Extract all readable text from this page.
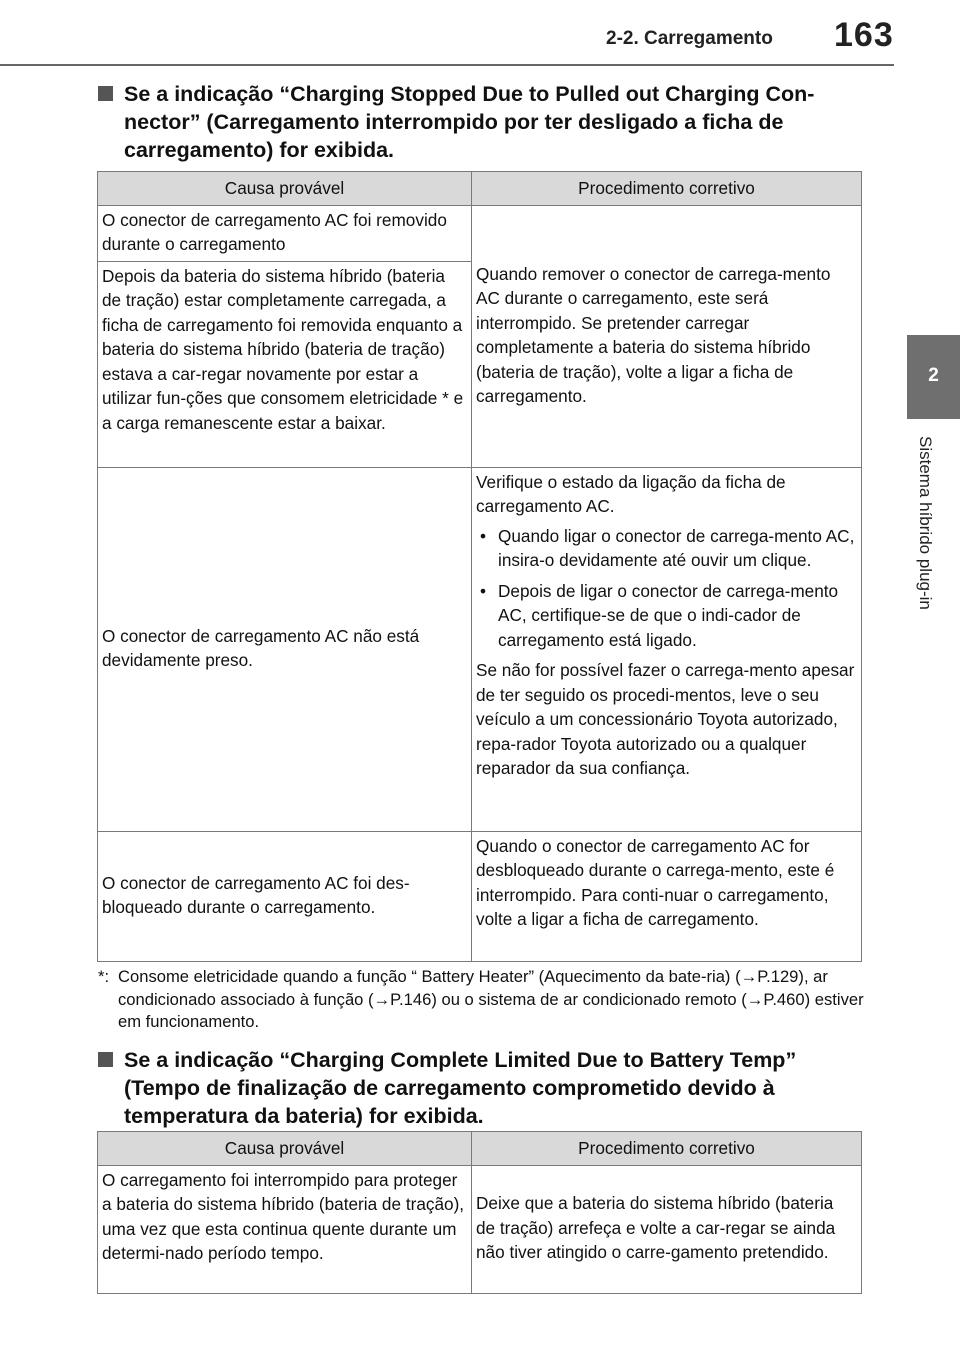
2-2. Carregamento 163
2
Sistema híbrido plug-in
Se a indicação “Charging Stopped Due to Pulled out Charging Con-nector” (Carregamento interrompido por ter desligado a ficha de carregamento) for exibida.
Causa provável	Procedimento corretivo
O conector de carregamento AC foi removido durante o carregamento	Quando remover o conector de carrega-mento AC durante o carregamento, este será interrompido. Se pretender carregar completamente a bateria do sistema híbrido (bateria de tração), volte a ligar a ficha de carregamento.
Depois da bateria do sistema híbrido (bateria de tração) estar completamente carregada, a ficha de carregamento foi removida enquanto a bateria do sistema híbrido (bateria de tração) estava a car-regar novamente por estar a utilizar fun-ções que consomem eletricidade * e a carga remanescente estar a baixar.	
O conector de carregamento AC não está devidamente preso.	Verifique o estado da ligação da ficha de carregamento AC.

• Quando ligar o conector de carrega-mento AC, insira-o devidamente até ouvir um clique.
• Depois de ligar o conector de carrega-mento AC, certifique-se de que o indi-cador de carregamento está ligado.

Se não for possível fazer o carrega-mento apesar de ter seguido os procedi-mentos, leve o seu veículo a um concessionário Toyota autorizado, repa-rador Toyota autorizado ou a qualquer reparador da sua confiança.

O conector de carregamento AC foi des-bloqueado durante o carregamento.	Quando o conector de carregamento AC for desbloqueado durante o carrega-mento, este é interrompido. Para conti-nuar o carregamento, volte a ligar a ficha de carregamento.
*: Consome eletricidade quando a função “ Battery Heater” (Aquecimento da bate-ria) (→P.129), ar condicionado associado à função (→P.146) ou o sistema de ar condicionado remoto (→P.460) estiver em funcionamento.
Se a indicação “Charging Complete Limited Due to Battery Temp” (Tempo de finalização de carregamento comprometido devido à temperatura da bateria) for exibida.
Causa provável	Procedimento corretivo
O carregamento foi interrompido para proteger a bateria do sistema híbrido (bateria de tração), uma vez que esta continua quente durante um determi-nado período tempo.	Deixe que a bateria do sistema híbrido (bateria de tração) arrefeça e volte a car-regar se ainda não tiver atingido o carre-gamento pretendido.
